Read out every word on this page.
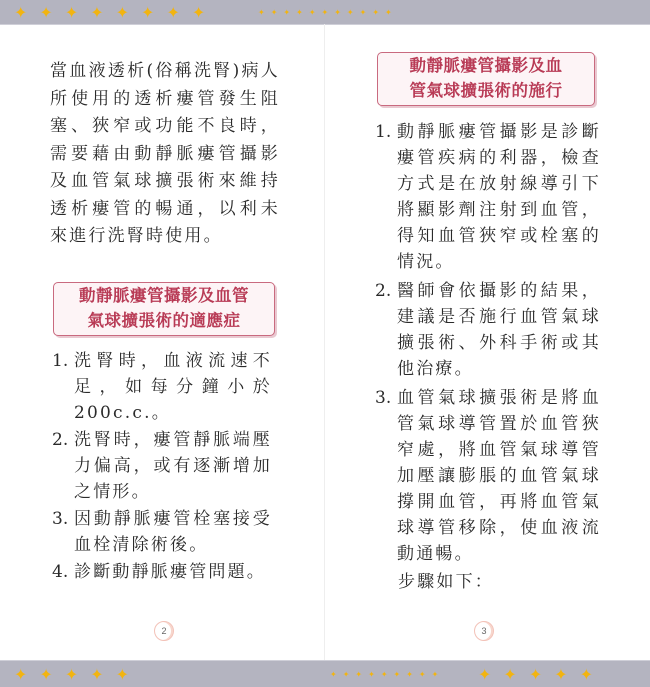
✦ ✦ ✦ ✦ ✦ ✦ ✦ ✦	✦ ✦ ✦ ✦ ✦ ✦ ✦ ✦ ✦ ✦ ✦

當血液透析(俗稱洗腎)病人所使用的透析瘻管發生阻塞、狹窄或功能不良時，需要藉由動靜脈瘻管攝影及血管氣球擴張術來維持透析瘻管的暢通，以利未來進行洗腎時使用。

動靜脈瘻管攝影及血管
氣球擴張術的適應症
1. 洗腎時，血液流速不足，如每分鐘小於200c.c.。
2. 洗腎時，瘻管靜脈端壓力偏高，或有逐漸增加之情形。
3. 因動靜脈瘻管栓塞接受血栓清除術後。
4. 診斷動靜脈瘻管問題。
2
動靜脈瘻管攝影及血
管氣球擴張術的施行
1. 動靜脈瘻管攝影是診斷瘻管疾病的利器，檢查方式是在放射線導引下將顯影劑注射到血管，得知血管狹窄或栓塞的情況。
2. 醫師會依攝影的結果，建議是否施行血管氣球擴張術、外科手術或其他治療。
3. 血管氣球擴張術是將血管氣球導管置於血管狹窄處，將血管氣球導管加壓讓膨脹的血管氣球撐開血管，再將血管氣球導管移除，使血液流動通暢。

步驟如下：

3
✦ ✦ ✦ ✦ ✦	✦ ✦ ✦ ✦ ✦ ✦ ✦ ✦ ✦ ✦ ✦ ✦ ✦ ✦
